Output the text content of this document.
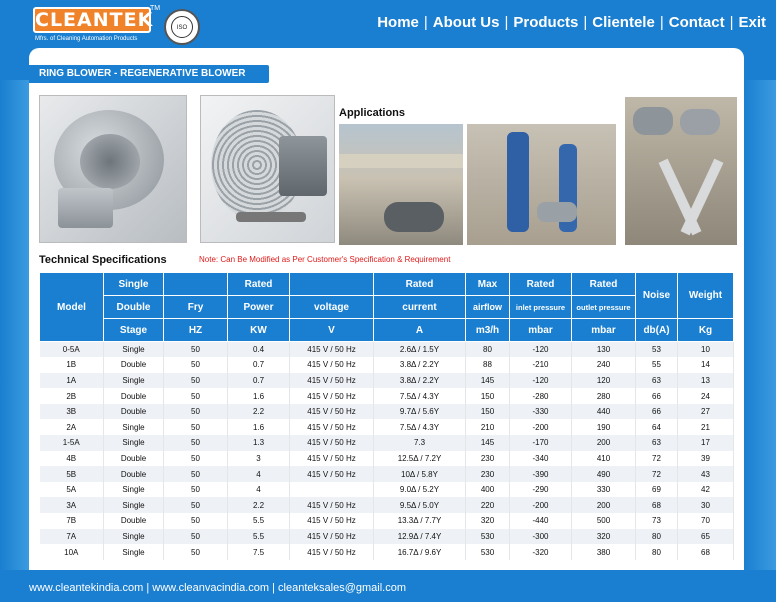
CLEANTEK
TM
Mfrs. of Cleaning Automation Products
ISO	Home | About Us | Products | Clientele | Contact | Exit
RING BLOWER - REGENERATIVE BLOWER
Applications
Technical Specifications	Note: Can Be Modified as Per Customer's Specification & Requirement
Model	Single		Rated		Rated	Max	Rated	Rated	Noise	Weight
	Double	Fry	Power	voltage	current	airflow	inlet pressure	outlet pressure		
	Stage	HZ	KW	V	A	m3/h	mbar	mbar	db(A)	Kg
0-5A	Single	50	0.4	415 V / 50 Hz	2.6Δ / 1.5Y	80	-120	130	53	10
1B	Double	50	0.7	415 V / 50 Hz	3.8Δ / 2.2Y	88	-210	240	55	14
1A	Single	50	0.7	415 V / 50 Hz	3.8Δ / 2.2Y	145	-120	120	63	13
2B	Double	50	1.6	415 V / 50 Hz	7.5Δ / 4.3Y	150	-280	280	66	24
3B	Double	50	2.2	415 V / 50 Hz	9.7Δ / 5.6Y	150	-330	440	66	27
2A	Single	50	1.6	415 V / 50 Hz	7.5Δ / 4.3Y	210	-200	190	64	21
1-5A	Single	50	1.3	415 V / 50 Hz	7.3	145	-170	200	63	17
4B	Double	50	3	415 V / 50 Hz	12.5Δ / 7.2Y	230	-340	410	72	39
5B	Double	50	4	415 V / 50 Hz	10Δ / 5.8Y	230	-390	490	72	43
5A	Single	50	4		9.0Δ / 5.2Y	400	-290	330	69	42
3A	Single	50	2.2	415 V / 50 Hz	9.5Δ / 5.0Y	220	-200	200	68	30
7B	Double	50	5.5	415 V / 50 Hz	13.3Δ / 7.7Y	320	-440	500	73	70
7A	Single	50	5.5	415 V / 50 Hz	12.9Δ / 7.4Y	530	-300	320	80	65
10A	Single	50	7.5	415 V / 50 Hz	16.7Δ / 9.6Y	530	-320	380	80	68
www.cleantekindia.com | www.cleanvacindia.com | cleanteksales@gmail.com
